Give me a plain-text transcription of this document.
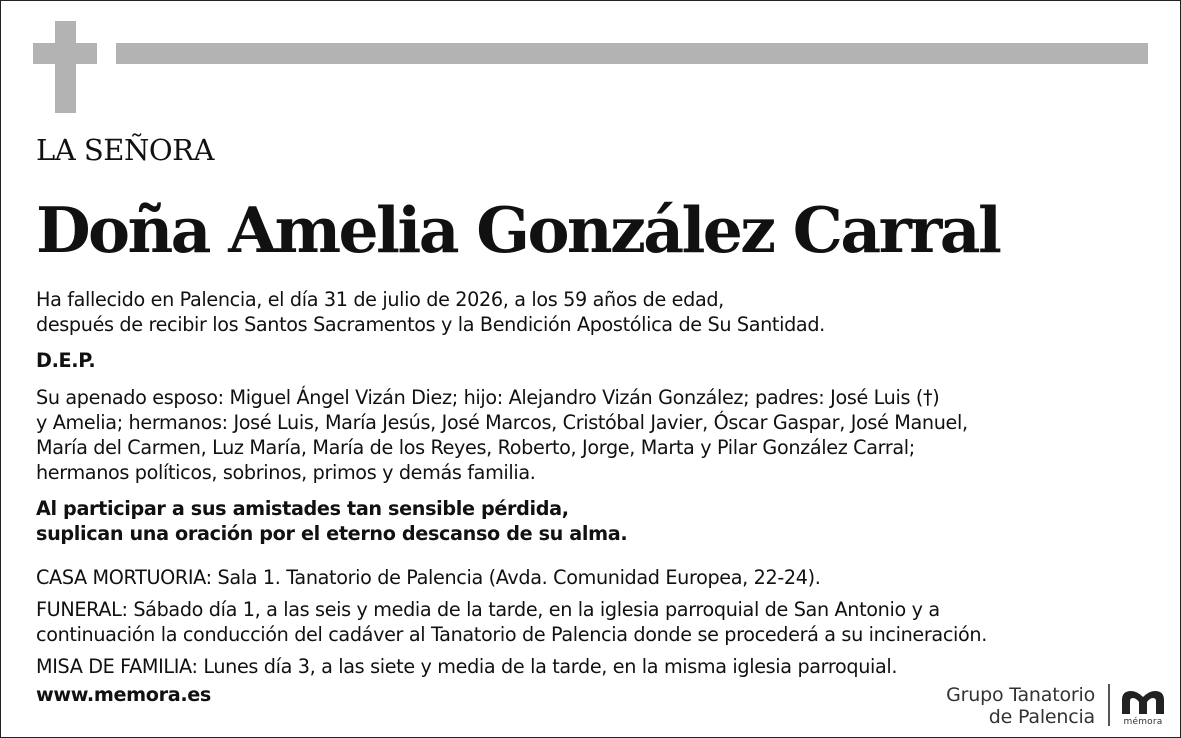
LA SEÑORA
Doña Amelia González Carral

Ha fallecido en Palencia, el día 31 de julio de 2026, a los 59 años de edad,

después de recibir los Santos Sacramentos y la Bendición Apostólica de Su Santidad.

D.E.P.

Su apenado esposo: Miguel Ángel Vizán Diez; hijo: Alejandro Vizán González; padres: José Luis (†)

y Amelia; hermanos: José Luis, María Jesús, José Marcos, Cristóbal Javier, Óscar Gaspar, José Manuel,

María del Carmen, Luz María, María de los Reyes, Roberto, Jorge, Marta y Pilar González Carral;

hermanos políticos, sobrinos, primos y demás familia.

Al participar a sus amistades tan sensible pérdida,

suplican una oración por el eterno descanso de su alma.

CASA MORTUORIA: Sala 1. Tanatorio de Palencia (Avda. Comunidad Europea, 22-24).

FUNERAL: Sábado día 1, a las seis y media de la tarde, en la iglesia parroquial de San Antonio y a

continuación la conducción del cadáver al Tanatorio de Palencia donde se procederá a su incineración.

MISA DE FAMILIA: Lunes día 3, a las siete y media de la tarde, en la misma iglesia parroquial.

www.memora.es	Grupo Tanatorio
de Palencia	mémora
